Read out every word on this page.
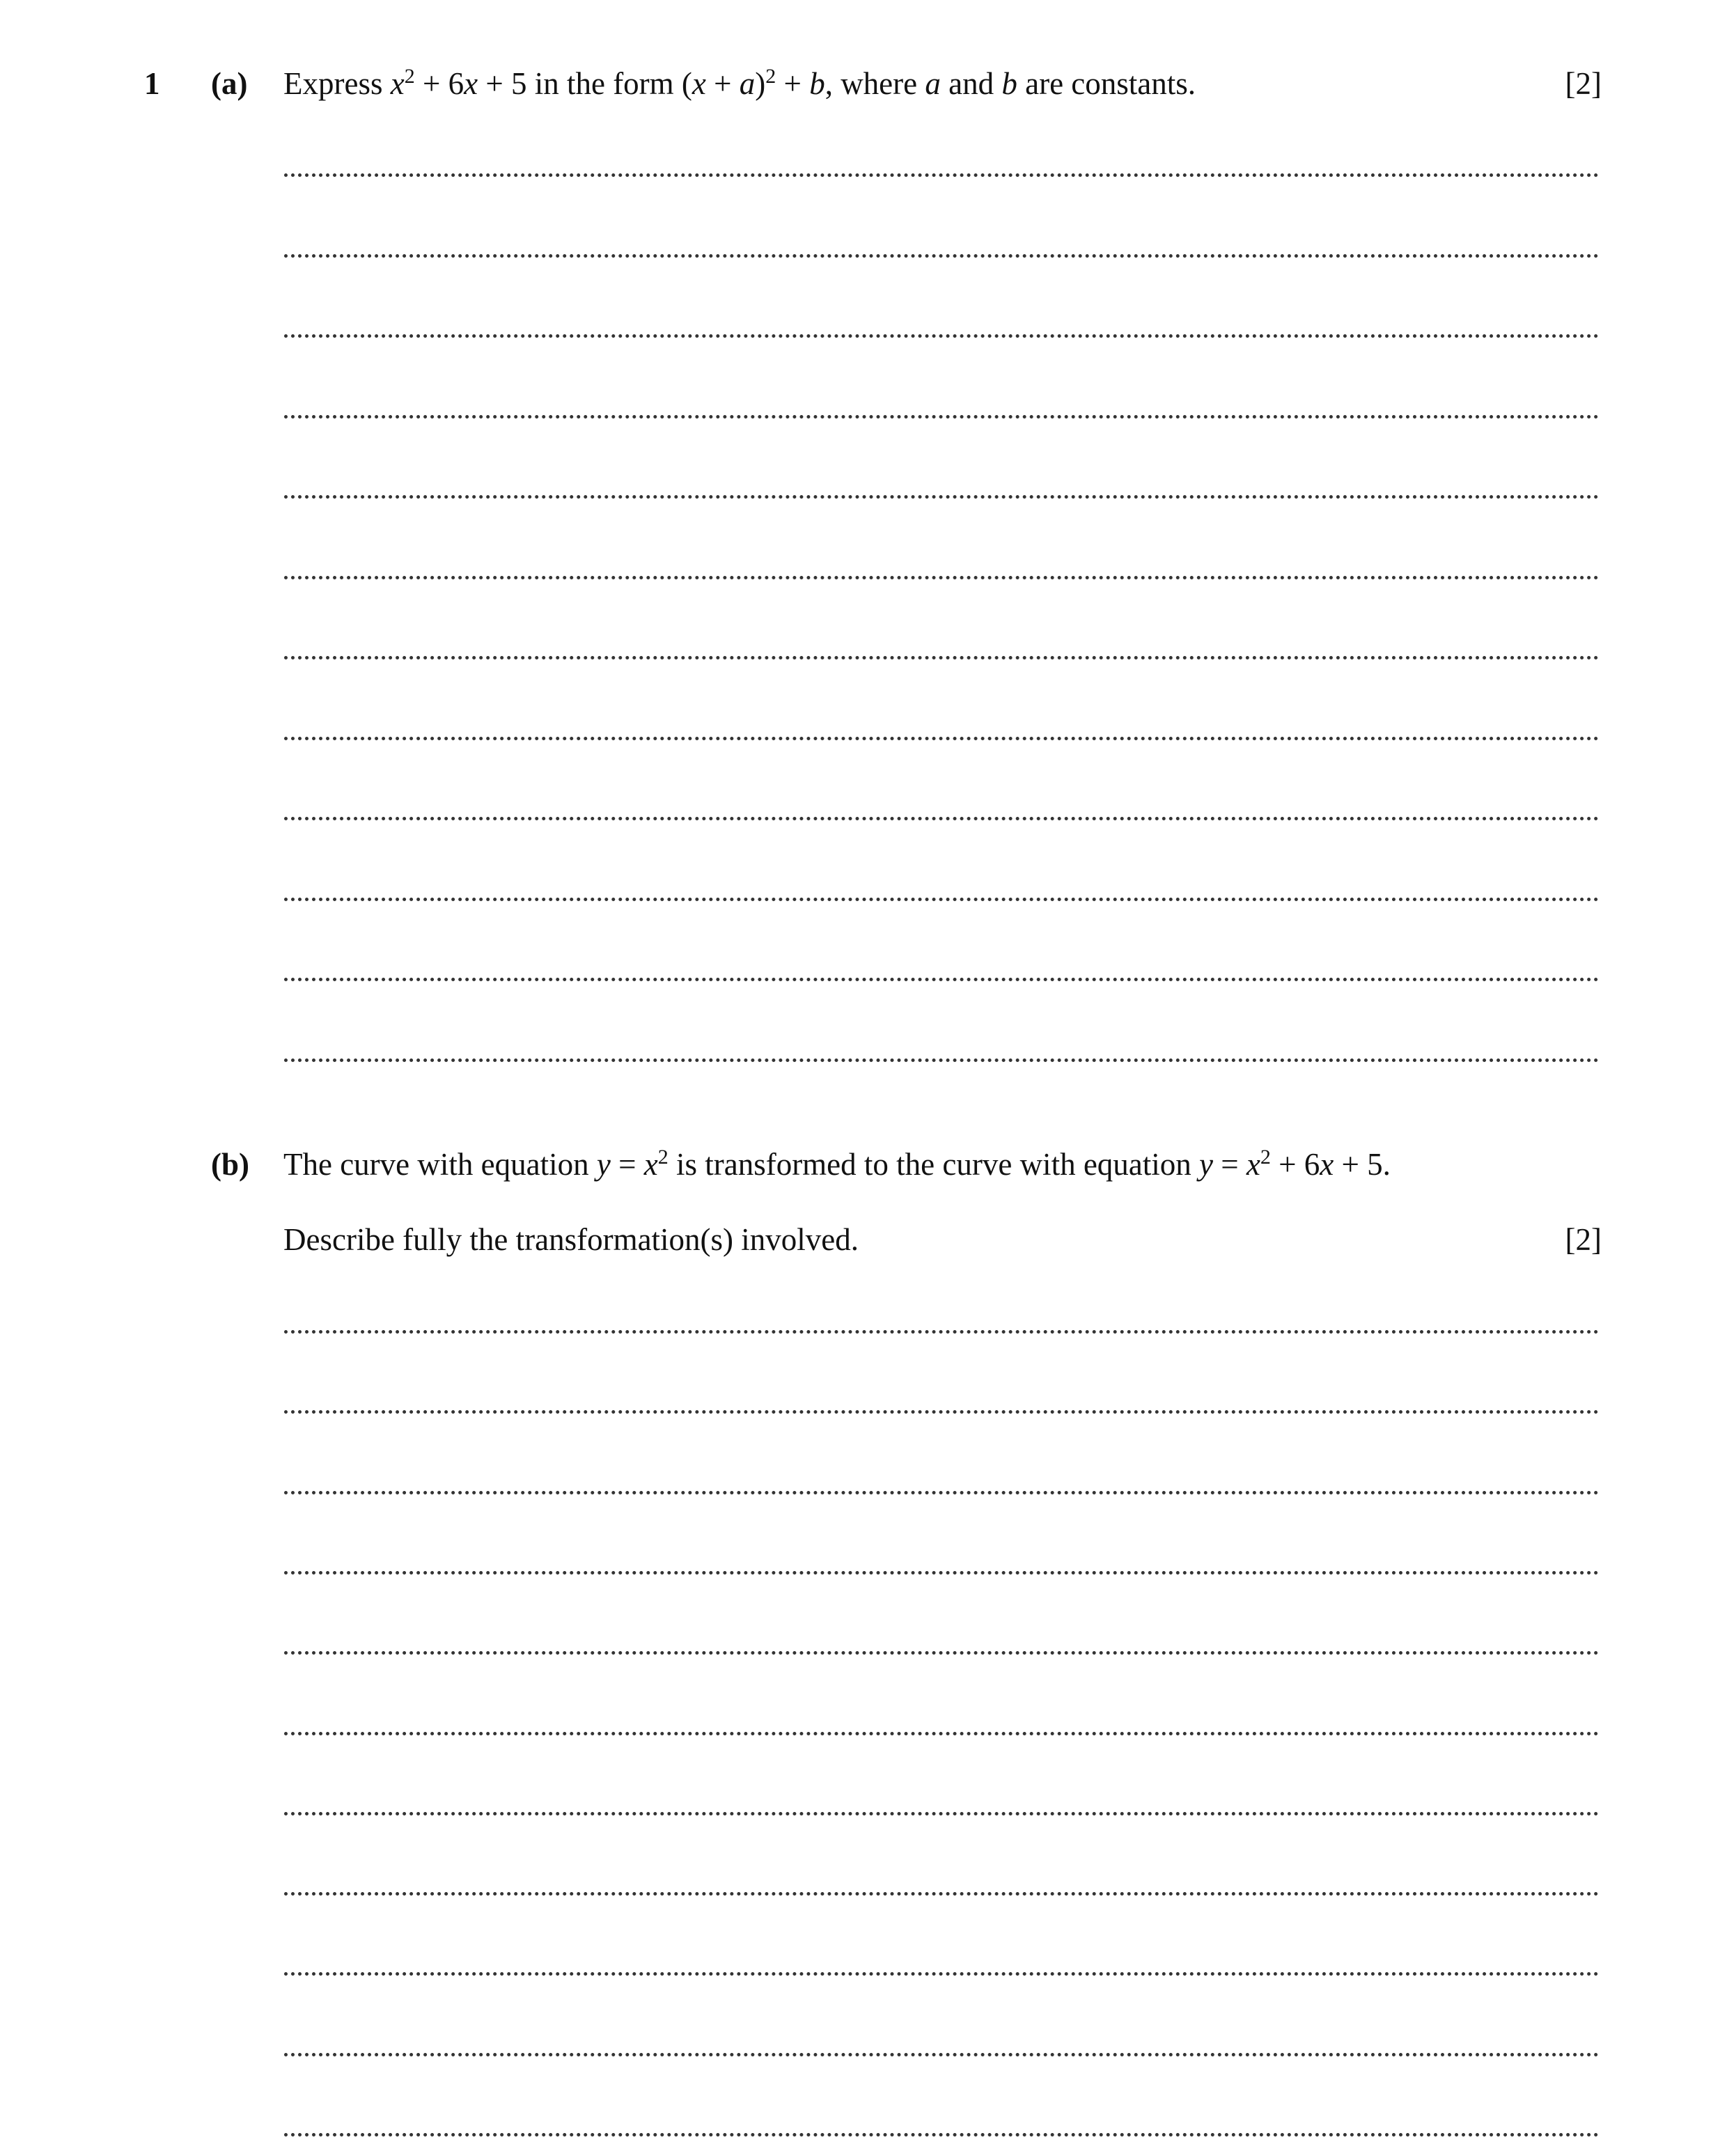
1 (a) Express $x^2 + 6x + 5$ in the form $(x + a)^2 + b$, where a and b are constants.	[2]
(b) The curve with equation $y = x^2$ is transformed to the curve with equation $y = x^2 + 6x + 5$.
Describe fully the transformation(s) involved.	[2]
